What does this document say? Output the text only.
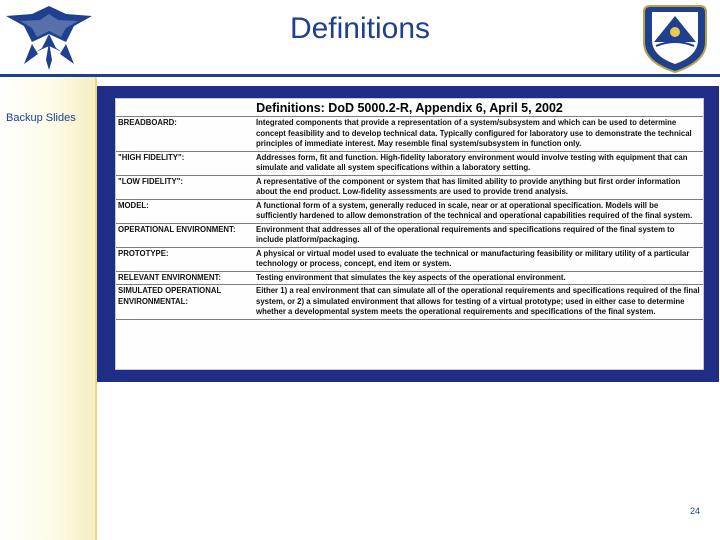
Definitions
Backup Slides
Definitions: DoD 5000.2-R, Appendix 6, April 5, 2002
BREADBOARD:	Integrated components that provide a representation of a system/subsystem and which can be used to determine concept feasibility and to develop technical data. Typically configured for laboratory use to demonstrate the technical principles of immediate interest. May resemble final system/subsystem in function only.
"HIGH FIDELITY":	Addresses form, fit and function. High-fidelity laboratory environment would involve testing with equipment that can simulate and validate all system specifications within a laboratory setting.
"LOW FIDELITY":	A representative of the component or system that has limited ability to provide anything but first order information about the end product. Low-fidelity assessments are used to provide trend analysis.
MODEL:	A functional form of a system, generally reduced in scale, near or at operational specification. Models will be sufficiently hardened to allow demonstration of the technical and operational capabilities required of the final system.
OPERATIONAL ENVIRONMENT:	Environment that addresses all of the operational requirements and specifications required of the final system to include platform/packaging.
PROTOTYPE:	A physical or virtual model used to evaluate the technical or manufacturing feasibility or military utility of a particular technology or process, concept, end item or system.
RELEVANT ENVIRONMENT:	Testing environment that simulates the key aspects of the operational environment.
SIMULATED OPERATIONAL ENVIRONMENTAL:	Either 1) a real environment that can simulate all of the operational requirements and specifications required of the final system, or 2) a simulated environment that allows for testing of a virtual prototype; used in either case to determine whether a developmental system meets the operational requirements and specifications of the final system.
24
